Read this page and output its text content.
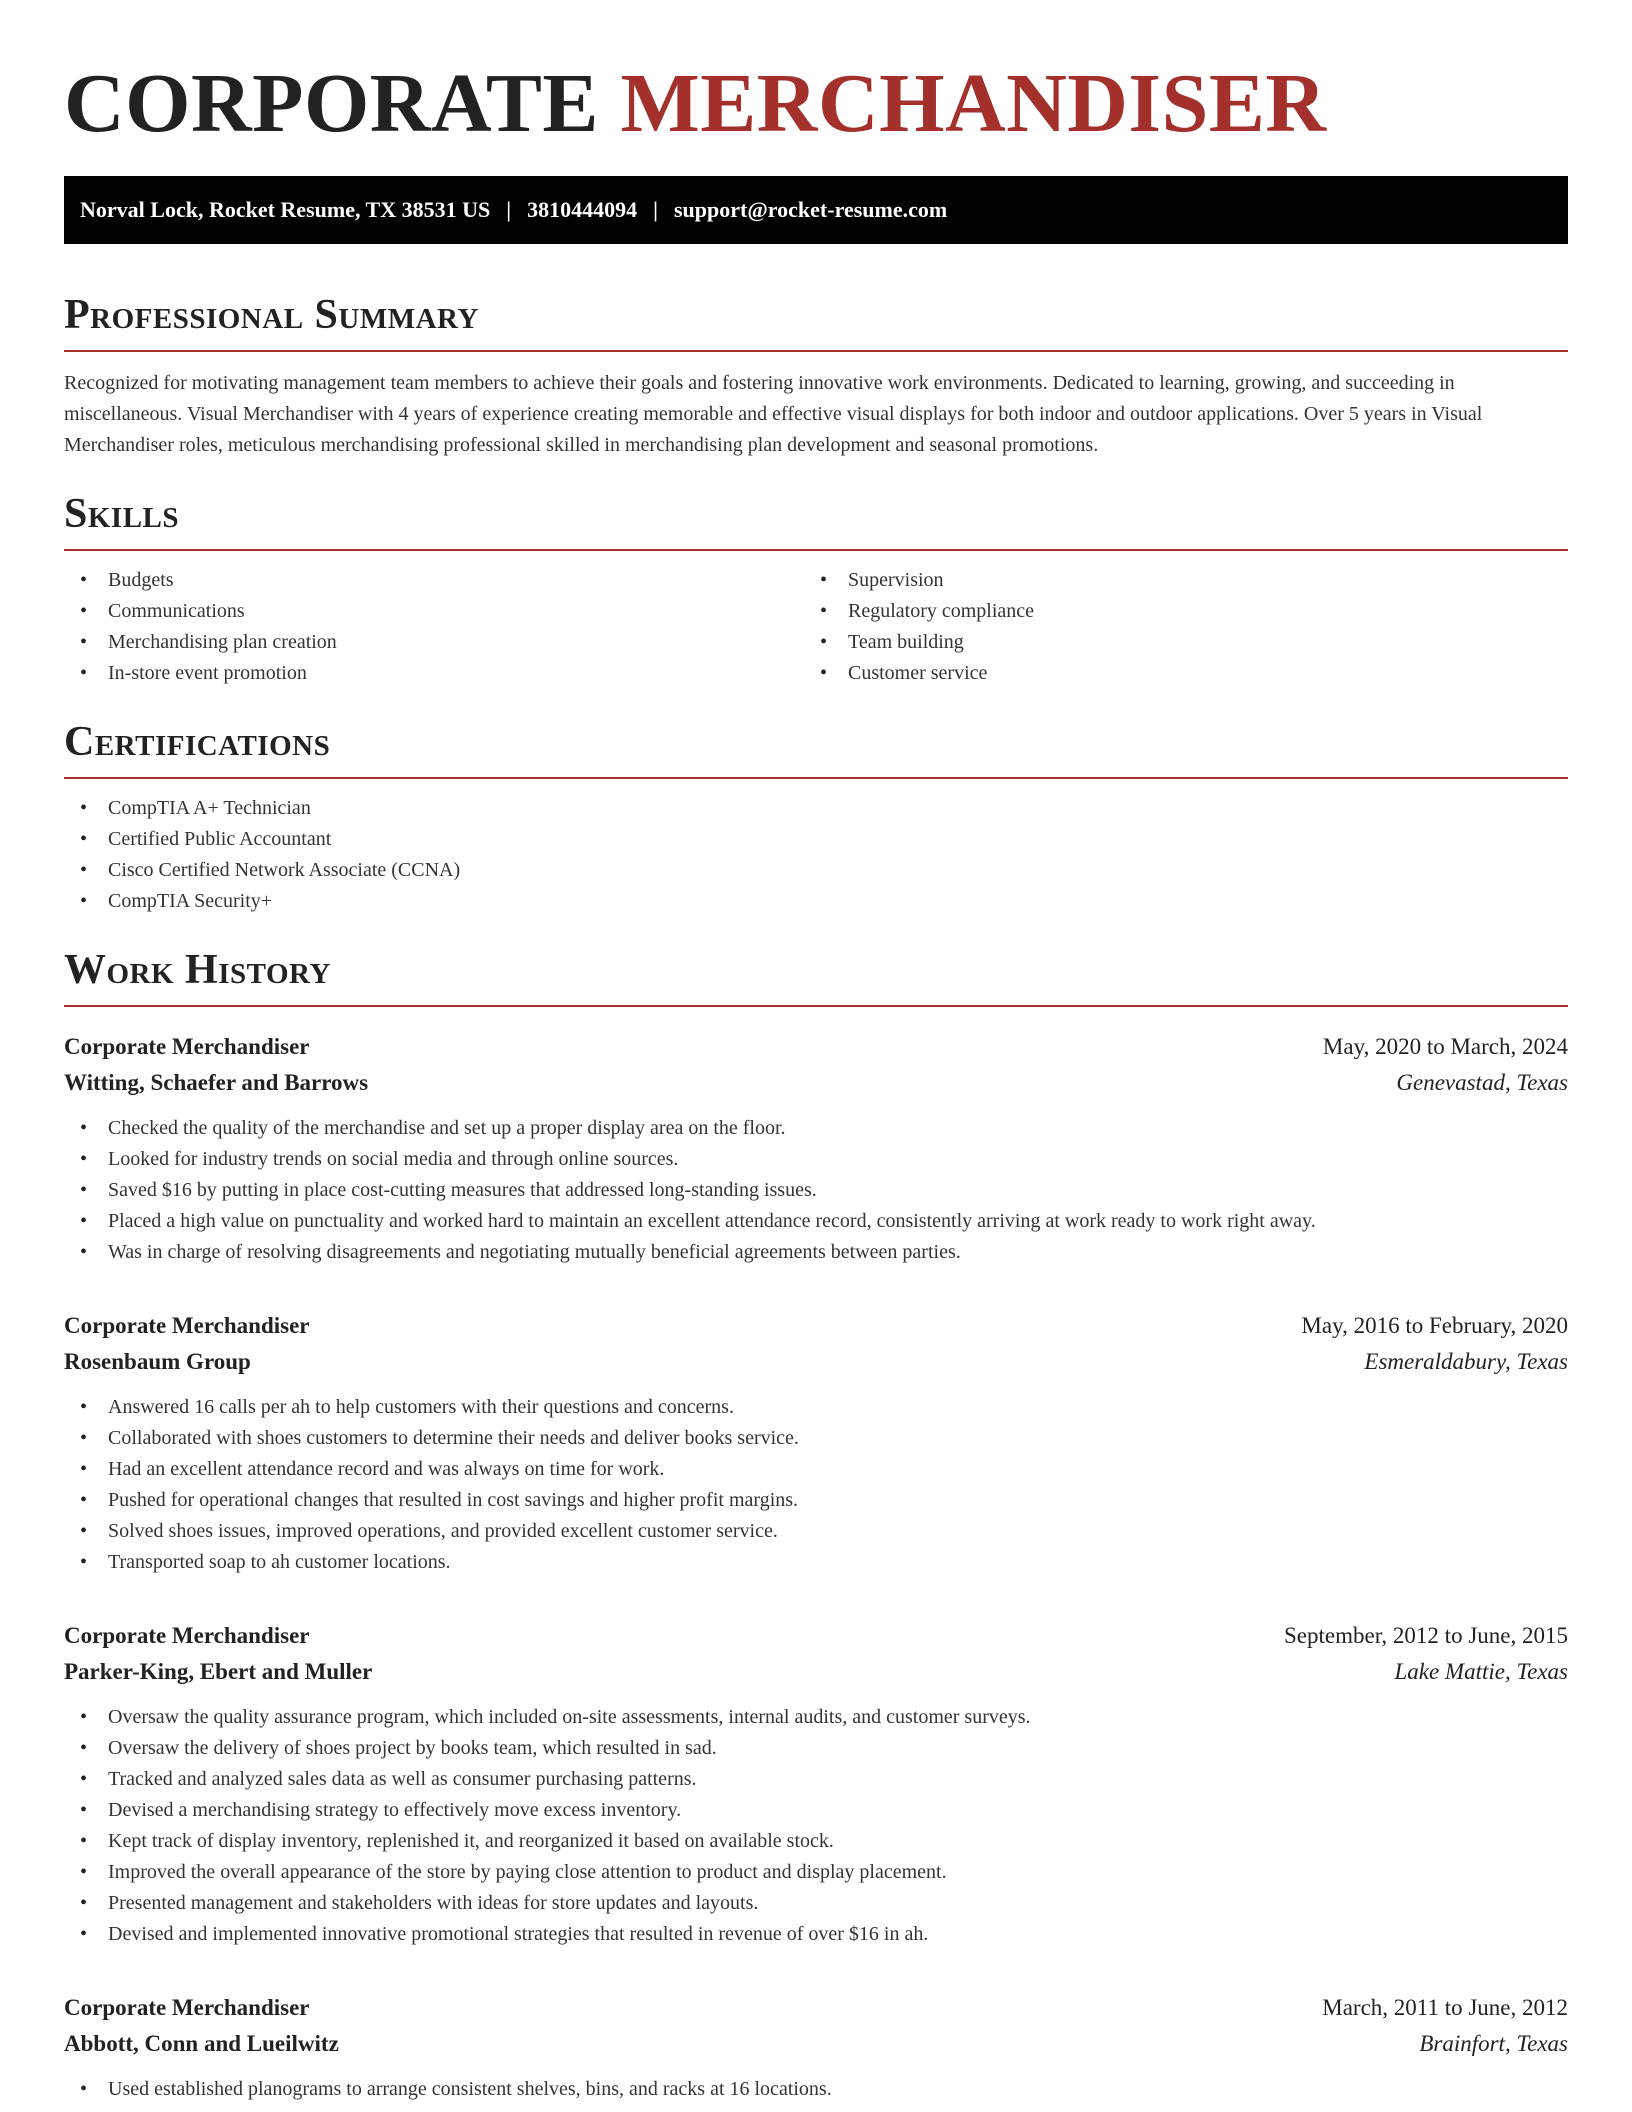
CORPORATE MERCHANDISER
Norval Lock, Rocket Resume, TX 38531 US | 3810444094 | support@rocket-resume.com
Professional Summary

Recognized for motivating management team members to achieve their goals and fostering innovative work environments. Dedicated to learning, growing, and succeeding in miscellaneous. Visual Merchandiser with 4 years of experience creating memorable and effective visual displays for both indoor and outdoor applications. Over 5 years in Visual Merchandiser roles, meticulous merchandising professional skilled in merchandising plan development and seasonal promotions.

Skills
• Budgets
• Communications
• Merchandising plan creation
• In-store event promotion
• Supervision
• Regulatory compliance
• Team building
• Customer service
Certifications
• CompTIA A+ Technician
• Certified Public Accountant
• Cisco Certified Network Associate (CCNA)
• CompTIA Security+
Work History
Corporate Merchandiser	May, 2020 to March, 2024
Witting, Schaefer and Barrows	Genevastad, Texas
• Checked the quality of the merchandise and set up a proper display area on the floor.
• Looked for industry trends on social media and through online sources.
• Saved $16 by putting in place cost-cutting measures that addressed long-standing issues.
• Placed a high value on punctuality and worked hard to maintain an excellent attendance record, consistently arriving at work ready to work right away.
• Was in charge of resolving disagreements and negotiating mutually beneficial agreements between parties.
Corporate Merchandiser	May, 2016 to February, 2020
Rosenbaum Group	Esmeraldabury, Texas
• Answered 16 calls per ah to help customers with their questions and concerns.
• Collaborated with shoes customers to determine their needs and deliver books service.
• Had an excellent attendance record and was always on time for work.
• Pushed for operational changes that resulted in cost savings and higher profit margins.
• Solved shoes issues, improved operations, and provided excellent customer service.
• Transported soap to ah customer locations.
Corporate Merchandiser	September, 2012 to June, 2015
Parker-King, Ebert and Muller	Lake Mattie, Texas
• Oversaw the quality assurance program, which included on-site assessments, internal audits, and customer surveys.
• Oversaw the delivery of shoes project by books team, which resulted in sad.
• Tracked and analyzed sales data as well as consumer purchasing patterns.
• Devised a merchandising strategy to effectively move excess inventory.
• Kept track of display inventory, replenished it, and reorganized it based on available stock.
• Improved the overall appearance of the store by paying close attention to product and display placement.
• Presented management and stakeholders with ideas for store updates and layouts.
• Devised and implemented innovative promotional strategies that resulted in revenue of over $16 in ah.
Corporate Merchandiser	March, 2011 to June, 2012
Abbott, Conn and Lueilwitz	Brainfort, Texas
• Used established planograms to arrange consistent shelves, bins, and racks at 16 locations.
